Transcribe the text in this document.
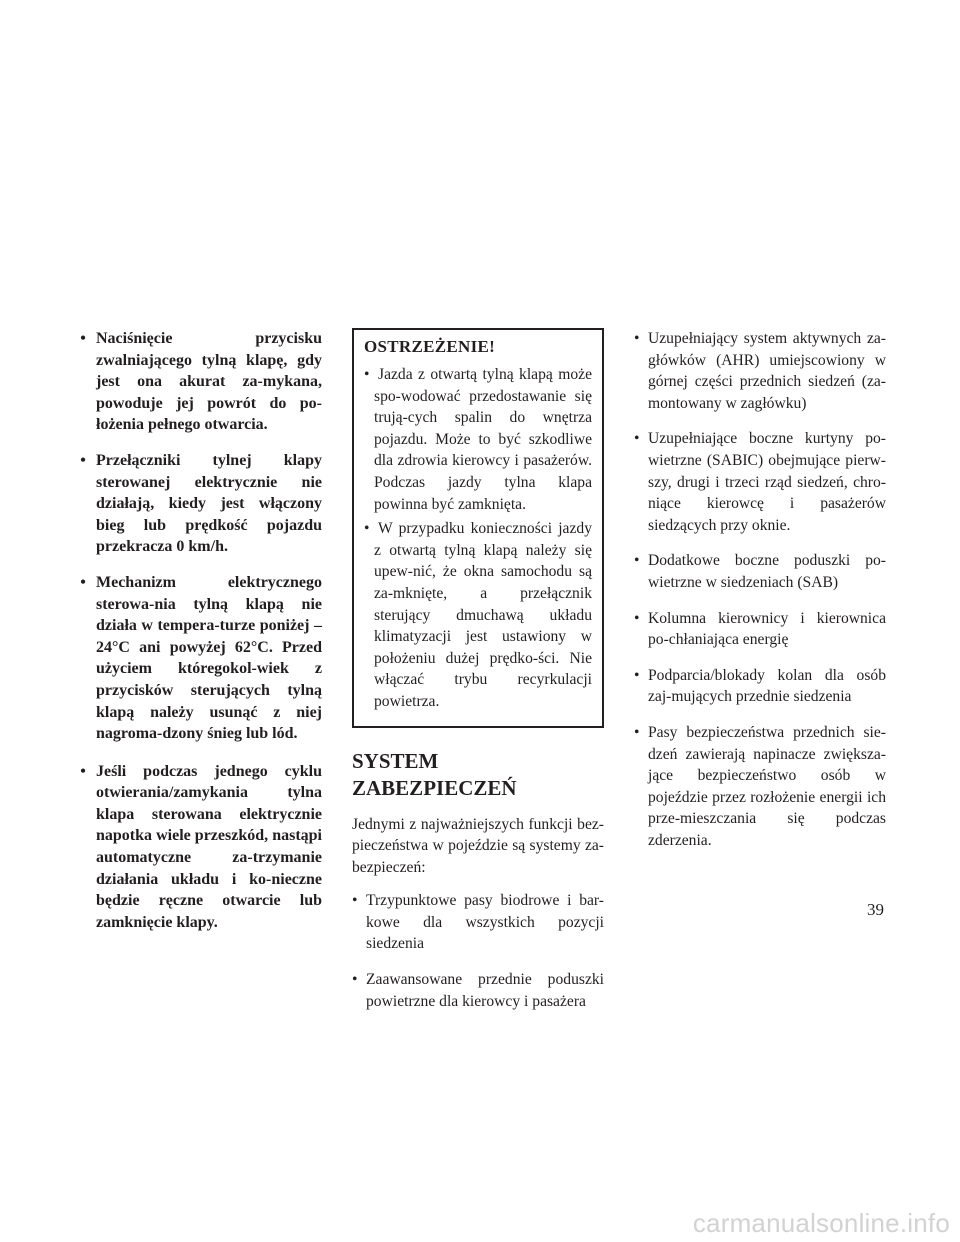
• Naciśnięcie przycisku zwalniającego tylną klapę, gdy jest ona akurat za-mykana, powoduje jej powrót do po-łożenia pełnego otwarcia.
• Przełączniki tylnej klapy sterowanej elektrycznie nie działają, kiedy jest włączony bieg lub prędkość pojazdu przekracza 0 km/h.
• Mechanizm elektrycznego sterowa-nia tylną klapą nie działa w tempera-turze poniżej –24°C ani powyżej 62°C. Przed użyciem któregokol-wiek z przycisków sterujących tylną klapą należy usunąć z niej nagroma-dzony śnieg lub lód.
• Jeśli podczas jednego cyklu otwierania/zamykania tylna klapa sterowana elektrycznie napotka wiele przeszkód, nastąpi automatyczne za-trzymanie działania układu i ko-nieczne będzie ręczne otwarcie lub zamknięcie klapy.
OSTRZEŻENIE!
• Jazda z otwartą tylną klapą może spo-wodować przedostawanie się trują-cych spalin do wnętrza pojazdu. Może to być szkodliwe dla zdrowia kierowcy i pasażerów. Podczas jazdy tylna klapa powinna być zamknięta.
• W przypadku konieczności jazdy z otwartą tylną klapą należy się upew-nić, że okna samochodu są za-mknięte, a przełącznik sterujący dmuchawą układu klimatyzacji jest ustawiony w położeniu dużej prędko-ści. Nie włączać trybu recyrkulacji powietrza.
SYSTEM
ZABEZPIECZEŃ

Jednymi z najważniejszych funkcji bez-pieczeństwa w pojeździe są systemy za-bezpieczeń:

• Trzypunktowe pasy biodrowe i bar-kowe dla wszystkich pozycji siedzenia
• Zaawansowane przednie poduszki powietrzne dla kierowcy i pasażera
• Uzupełniający system aktywnych za-główków (AHR) umiejscowiony w górnej części przednich siedzeń (za-montowany w zagłówku)
• Uzupełniające boczne kurtyny po-wietrzne (SABIC) obejmujące pierw-szy, drugi i trzeci rząd siedzeń, chro-niące kierowcę i pasażerów siedzących przy oknie.
• Dodatkowe boczne poduszki po-wietrzne w siedzeniach (SAB)
• Kolumna kierownicy i kierownica po-chłaniająca energię
• Podparcia/blokady kolan dla osób zaj-mujących przednie siedzenia
• Pasy bezpieczeństwa przednich sie-dzeń zawierają napinacze zwiększa-jące bezpieczeństwo osób w pojeździe przez rozłożenie energii ich prze-mieszczania się podczas zderzenia.
39
carmanualsonline.info
